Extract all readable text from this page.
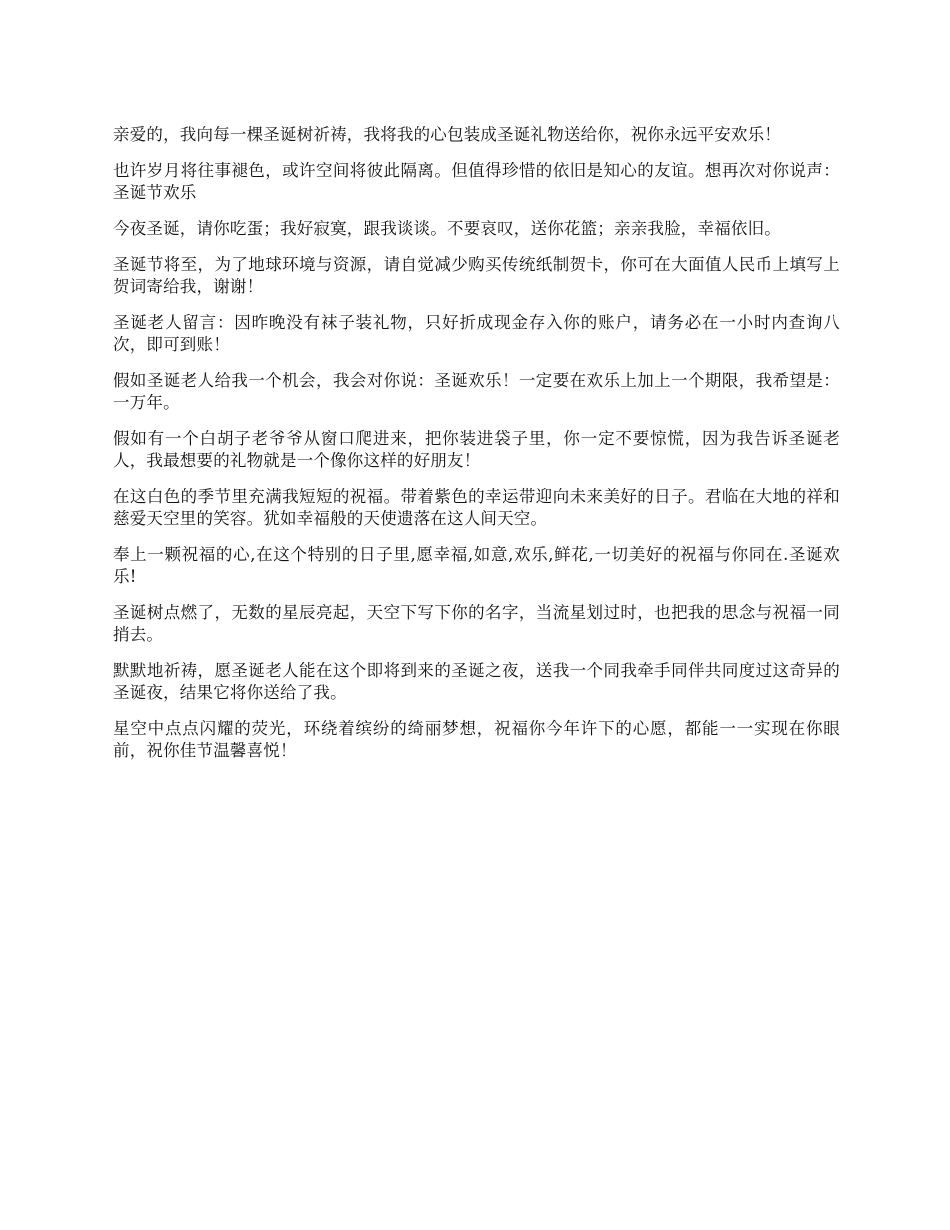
亲爱的，我向每一棵圣诞树祈祷，我将我的心包装成圣诞礼物送给你，祝你永远平安欢乐！

也许岁月将往事褪色，或许空间将彼此隔离。但值得珍惜的依旧是知心的友谊。想再次对你说声：圣诞节欢乐

今夜圣诞，请你吃蛋；我好寂寞，跟我谈谈。不要哀叹，送你花篮；亲亲我脸，幸福依旧。

圣诞节将至，为了地球环境与资源，请自觉减少购买传统纸制贺卡，你可在大面值人民币上填写上贺词寄给我，谢谢！

圣诞老人留言：因昨晚没有袜子装礼物，只好折成现金存入你的账户，请务必在一小时内查询八次，即可到账！

假如圣诞老人给我一个机会，我会对你说：圣诞欢乐！一定要在欢乐上加上一个期限，我希望是：一万年。

假如有一个白胡子老爷爷从窗口爬进来，把你装进袋子里，你一定不要惊慌，因为我告诉圣诞老人，我最想要的礼物就是一个像你这样的好朋友！

在这白色的季节里充满我短短的祝福。带着紫色的幸运带迎向未来美好的日子。君临在大地的祥和慈爱天空里的笑容。犹如幸福般的天使遗落在这人间天空。

奉上一颗祝福的心,在这个特别的日子里,愿幸福,如意,欢乐,鲜花,一切美好的祝福与你同在.圣诞欢乐!

圣诞树点燃了，无数的星辰亮起，天空下写下你的名字，当流星划过时，也把我的思念与祝福一同捎去。

默默地祈祷，愿圣诞老人能在这个即将到来的圣诞之夜，送我一个同我牵手同伴共同度过这奇异的圣诞夜，结果它将你送给了我。

星空中点点闪耀的荧光，环绕着缤纷的绮丽梦想，祝福你今年许下的心愿，都能一一实现在你眼前，祝你佳节温馨喜悦！
